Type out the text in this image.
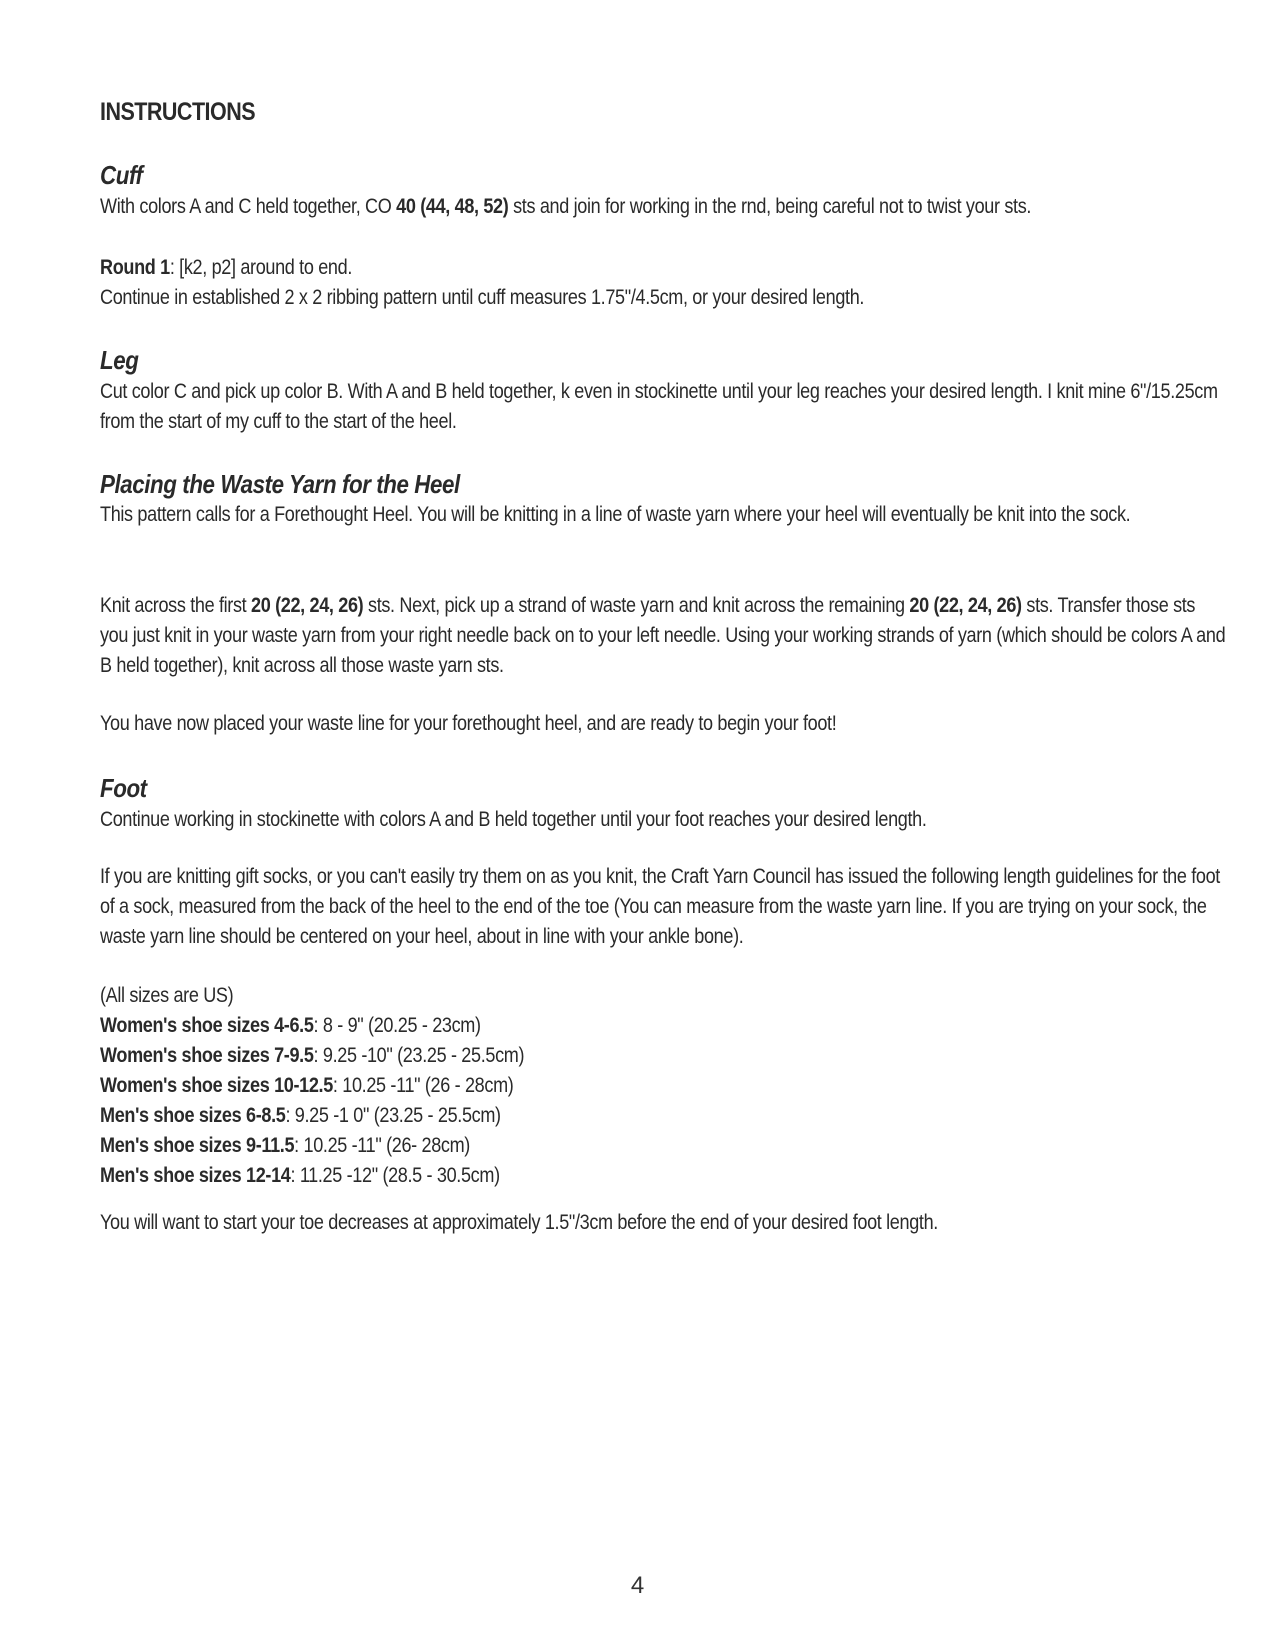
INSTRUCTIONS
Cuff
With colors A and C held together, CO 40 (44, 48, 52) sts and join for working in the rnd, being careful not to twist your sts.
Round 1: [k2, p2] around to end.
Continue in established 2 x 2 ribbing pattern until cuff measures 1.75"/4.5cm, or your desired length.
Leg
Cut color C and pick up color B. With A and B held together, k even in stockinette until your leg reaches your desired length. I knit mine 6"/15.25cm from the start of my cuff to the start of the heel.
Placing the Waste Yarn for the Heel
This pattern calls for a Forethought Heel. You will be knitting in a line of waste yarn where your heel will eventually be knit into the sock.
Knit across the first 20 (22, 24, 26) sts. Next, pick up a strand of waste yarn and knit across the remaining 20 (22, 24, 26) sts. Transfer those sts you just knit in your waste yarn from your right needle back on to your left needle. Using your working strands of yarn (which should be colors A and B held together), knit across all those waste yarn sts.
You have now placed your waste line for your forethought heel, and are ready to begin your foot!
Foot
Continue working in stockinette with colors A and B held together until your foot reaches your desired length.
If you are knitting gift socks, or you can't easily try them on as you knit, the Craft Yarn Council has issued the following length guidelines for the foot of a sock, measured from the back of the heel to the end of the toe (You can measure from the waste yarn line. If you are trying on your sock, the waste yarn line should be centered on your heel, about in line with your ankle bone).
(All sizes are US)
Women's shoe sizes 4-6.5: 8 - 9" (20.25 - 23cm)
Women's shoe sizes 7-9.5: 9.25 -10" (23.25 - 25.5cm)
Women's shoe sizes 10-12.5: 10.25 -11" (26 - 28cm)
Men's shoe sizes 6-8.5: 9.25 -1 0" (23.25 - 25.5cm)
Men's shoe sizes 9-11.5: 10.25 -11" (26- 28cm)
Men's shoe sizes 12-14: 11.25 -12" (28.5 - 30.5cm)
You will want to start your toe decreases at approximately 1.5"/3cm before the end of your desired foot length.
4
